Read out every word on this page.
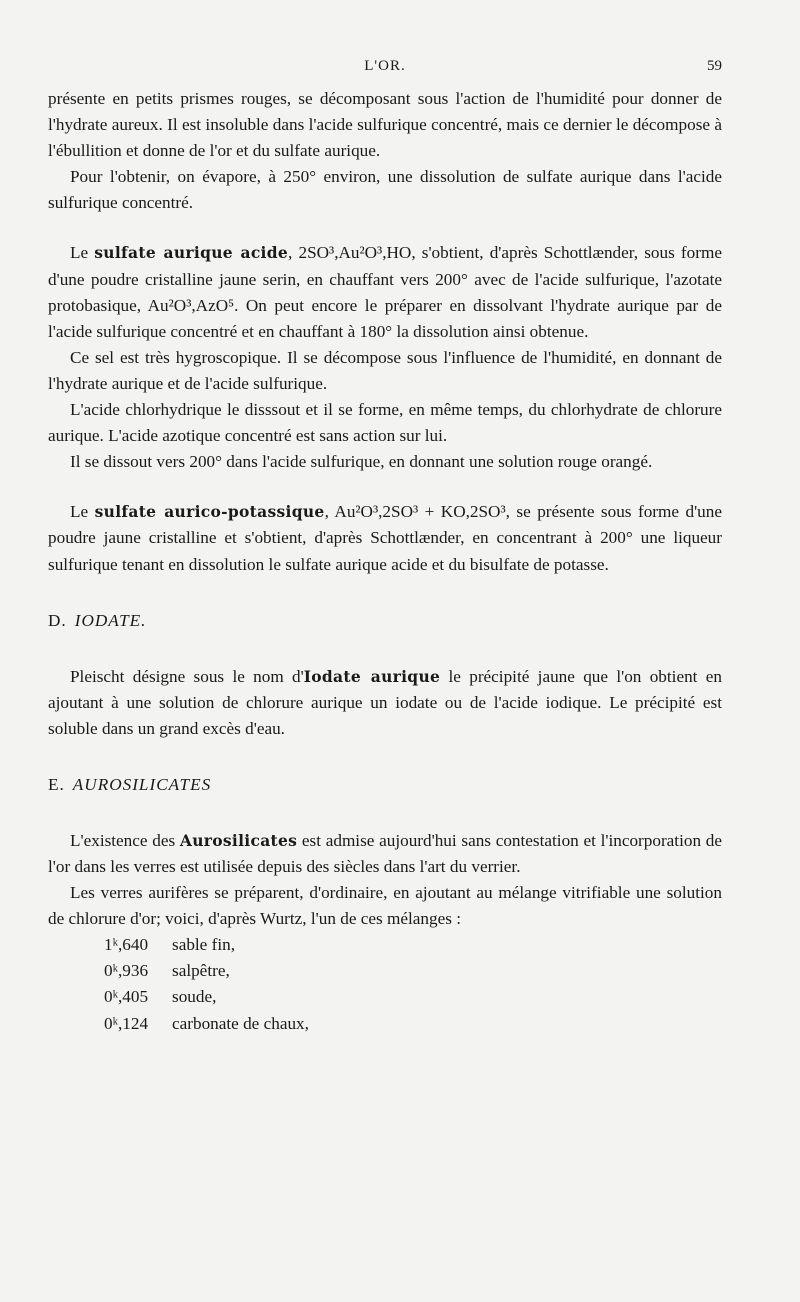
L'OR.	59

présente en petits prismes rouges, se décomposant sous l'action de l'humidité pour donner de l'hydrate aureux. Il est insoluble dans l'acide sulfurique concentré, mais ce dernier le décompose à l'ébullition et donne de l'or et du sulfate aurique.

Pour l'obtenir, on évapore, à 250° environ, une dissolution de sulfate aurique dans l'acide sulfurique concentré.

Le sulfate aurique acide, 2SO³,Au²O³,HO, s'obtient, d'après Schottlænder, sous forme d'une poudre cristalline jaune serin, en chauffant vers 200° avec de l'acide sulfurique, l'azotate protobasique, Au²O³,AzO⁵. On peut encore le préparer en dissolvant l'hydrate aurique par de l'acide sulfurique concentré et en chauffant à 180° la dissolution ainsi obtenue.

Ce sel est très hygroscopique. Il se décompose sous l'influence de l'humidité, en donnant de l'hydrate aurique et de l'acide sulfurique.

L'acide chlorhydrique le disssout et il se forme, en même temps, du chlorhydrate de chlorure aurique. L'acide azotique concentré est sans action sur lui.

Il se dissout vers 200° dans l'acide sulfurique, en donnant une solution rouge orangé.

Le sulfate aurico-potassique, Au²O³,2SO³ + KO,2SO³, se présente sous forme d'une poudre jaune cristalline et s'obtient, d'après Schottlænder, en concentrant à 200° une liqueur sulfurique tenant en dissolution le sulfate aurique acide et du bisulfate de potasse.

D. IODATE.

Pleischt désigne sous le nom d'Iodate aurique le précipité jaune que l'on obtient en ajoutant à une solution de chlorure aurique un iodate ou de l'acide iodique. Le précipité est soluble dans un grand excès d'eau.

E. AUROSILICATES

L'existence des Aurosilicates est admise aujourd'hui sans contestation et l'incorporation de l'or dans les verres est utilisée depuis des siècles dans l'art du verrier.

Les verres aurifères se préparent, d'ordinaire, en ajoutant au mélange vitrifiable une solution de chlorure d'or; voici, d'après Wurtz, l'un de ces mélanges :

1ᵏ,640 sable fin,
0ᵏ,936 salpêtre,
0ᵏ,405 soude,
0ᵏ,124 carbonate de chaux,
